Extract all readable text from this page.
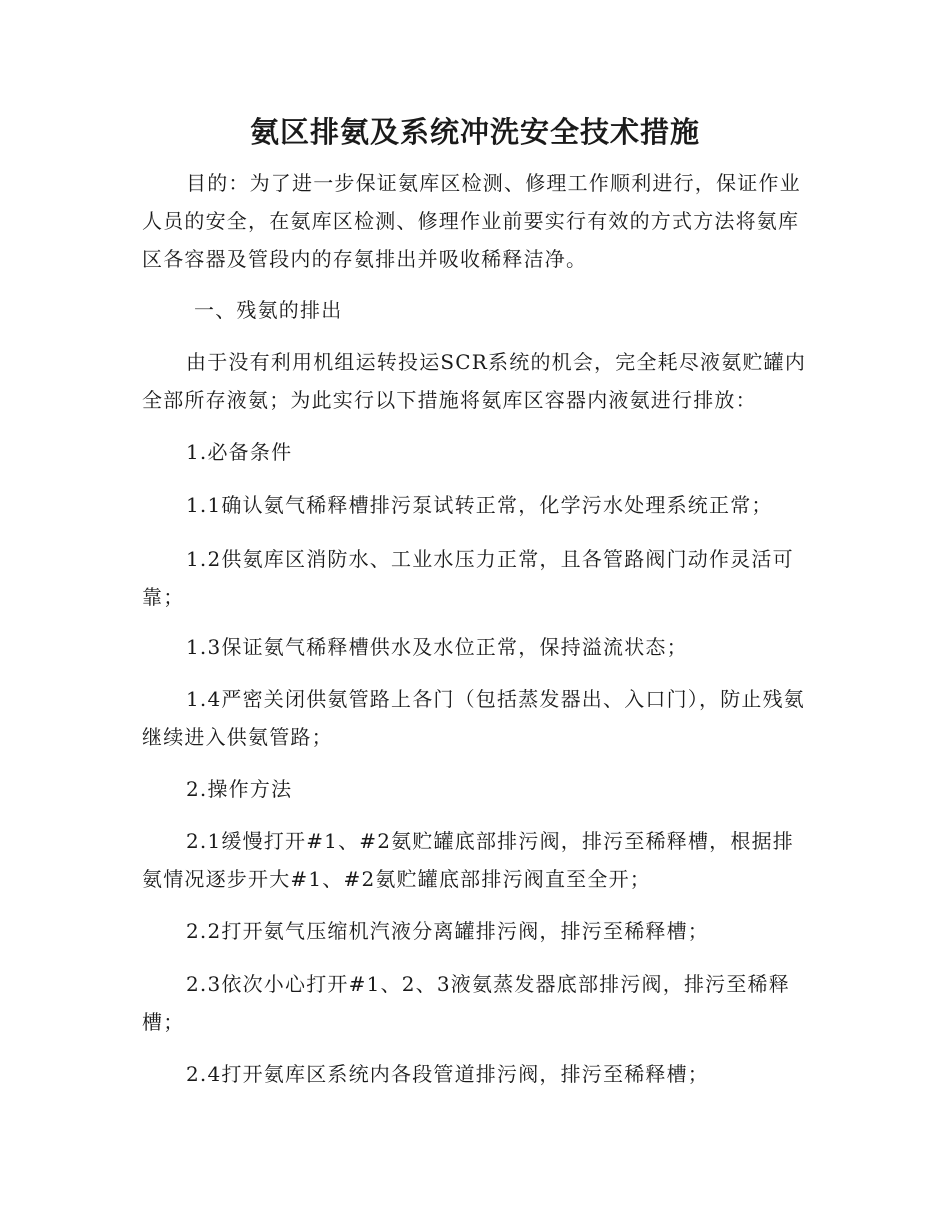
氨区排氨及系统冲洗安全技术措施

目的：为了进一步保证氨库区检测、修理工作顺利进行，保证作业人员的安全，在氨库区检测、修理作业前要实行有效的方式方法将氨库区各容器及管段内的存氨排出并吸收稀释洁净。

一、残氨的排出

由于没有利用机组运转投运SCR系统的机会，完全耗尽液氨贮罐内全部所存液氨；为此实行以下措施将氨库区容器内液氨进行排放：

1.必备条件

1.1确认氨气稀释槽排污泵试转正常，化学污水处理系统正常；

1.2供氨库区消防水、工业水压力正常，且各管路阀门动作灵活可靠；

1.3保证氨气稀释槽供水及水位正常，保持溢流状态；

1.4严密关闭供氨管路上各门（包括蒸发器出、入口门），防止残氨继续进入供氨管路；

2.操作方法

2.1缓慢打开#1、#2氨贮罐底部排污阀，排污至稀释槽，根据排氨情况逐步开大#1、#2氨贮罐底部排污阀直至全开；

2.2打开氨气压缩机汽液分离罐排污阀，排污至稀释槽；

2.3依次小心打开#1、2、3液氨蒸发器底部排污阀，排污至稀释槽；

2.4打开氨库区系统内各段管道排污阀，排污至稀释槽；
